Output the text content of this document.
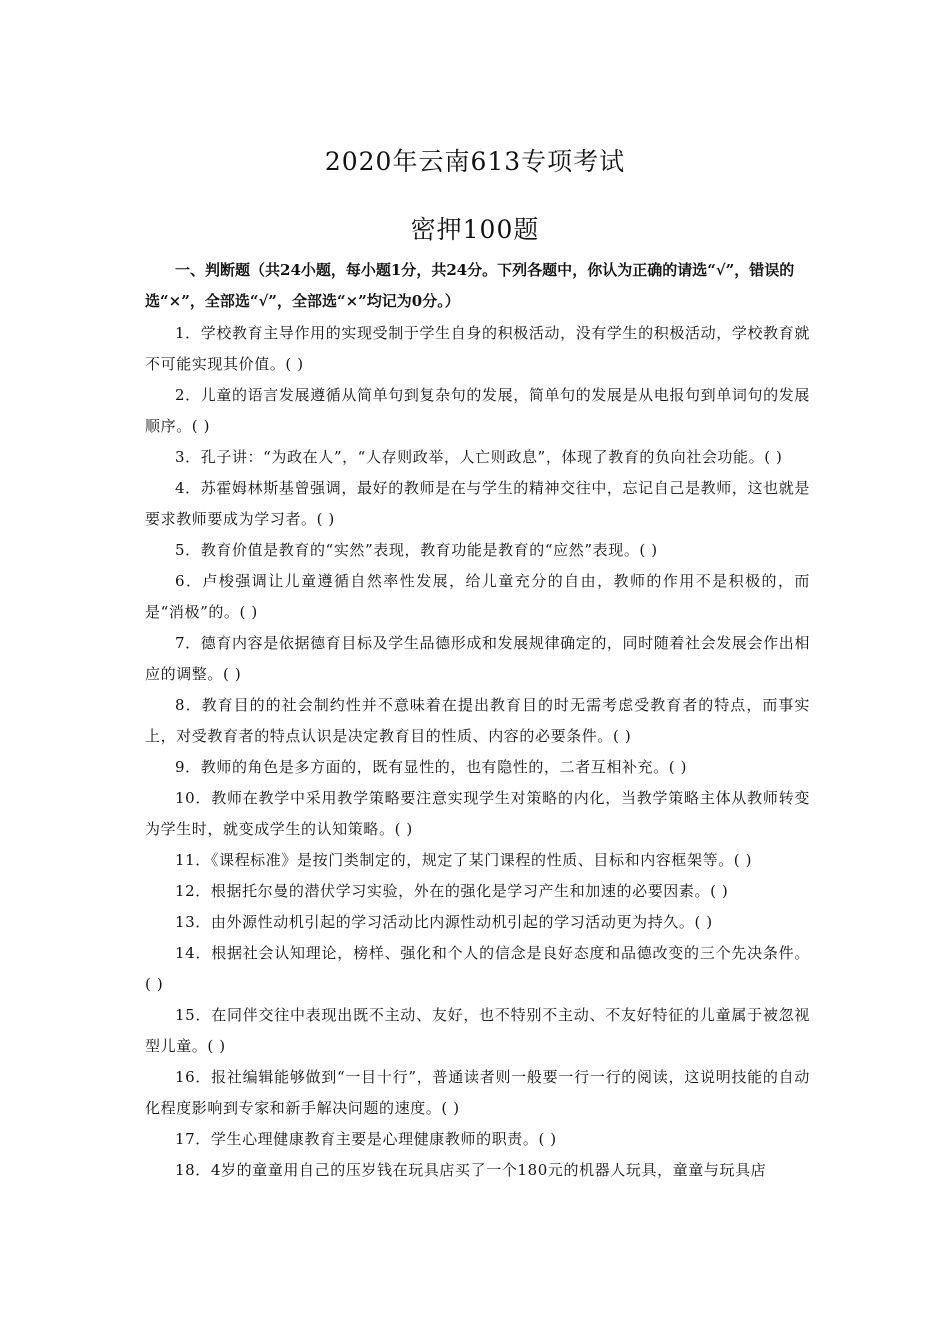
2020年云南613专项考试
密押100题
一、判断题（共24小题，每小题1分，共24分。下列各题中，你认为正确的请选“√”，错误的选“×”，全部选“√”，全部选“×”均记为0分。）

1．学校教育主导作用的实现受制于学生自身的积极活动，没有学生的积极活动，学校教育就不可能实现其价值。( )

2．儿童的语言发展遵循从简单句到复杂句的发展，简单句的发展是从电报句到单词句的发展顺序。( )

3．孔子讲：“为政在人”，“人存则政举，人亡则政息”，体现了教育的负向社会功能。( )

4．苏霍姆林斯基曾强调，最好的教师是在与学生的精神交往中，忘记自己是教师，这也就是要求教师要成为学习者。( )

5．教育价值是教育的“实然”表现，教育功能是教育的“应然”表现。( )

6．卢梭强调让儿童遵循自然率性发展，给儿童充分的自由，教师的作用不是积极的，而是“消极”的。( )

7．德育内容是依据德育目标及学生品德形成和发展规律确定的，同时随着社会发展会作出相应的调整。( )

8．教育目的的社会制约性并不意味着在提出教育目的时无需考虑受教育者的特点，而事实上，对受教育者的特点认识是决定教育目的性质、内容的必要条件。( )

9．教师的角色是多方面的，既有显性的，也有隐性的，二者互相补充。( )

10．教师在教学中采用教学策略要注意实现学生对策略的内化，当教学策略主体从教师转变为学生时，就变成学生的认知策略。( )

11．《课程标准》是按门类制定的，规定了某门课程的性质、目标和内容框架等。( )

12．根据托尔曼的潜伏学习实验，外在的强化是学习产生和加速的必要因素。( )

13．由外源性动机引起的学习活动比内源性动机引起的学习活动更为持久。( )

14．根据社会认知理论，榜样、强化和个人的信念是良好态度和品德改变的三个先决条件。( )

15．在同伴交往中表现出既不主动、友好，也不特别不主动、不友好特征的儿童属于被忽视型儿童。( )

16．报社编辑能够做到“一目十行”，普通读者则一般要一行一行的阅读，这说明技能的自动化程度影响到专家和新手解决问题的速度。( )

17．学生心理健康教育主要是心理健康教师的职责。( )

18．4岁的童童用自己的压岁钱在玩具店买了一个180元的机器人玩具，童童与玩具店
